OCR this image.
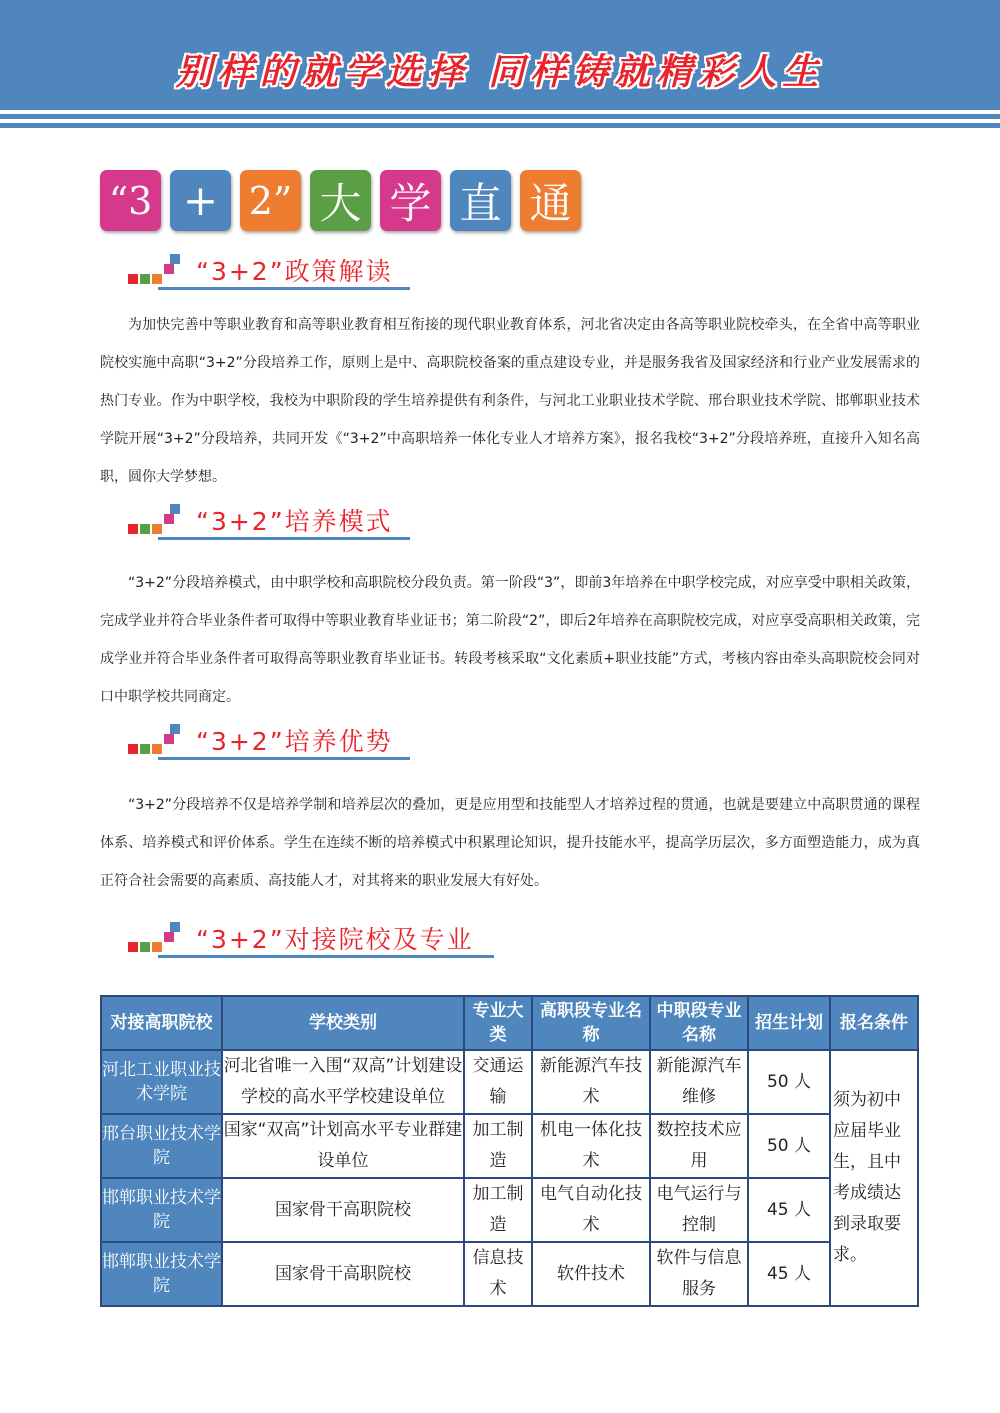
别样的就学选择 同样铸就精彩人生
“3 + 2” 大 学 直 通
“3+2”政策解读

为加快完善中等职业教育和高等职业教育相互衔接的现代职业教育体系，河北省决定由各高等职业院校牵头，在全省中高等职业院校实施中高职“3+2”分段培养工作，原则上是中、高职院校备案的重点建设专业，并是服务我省及国家经济和行业产业发展需求的热门专业。作为中职学校，我校为中职阶段的学生培养提供有利条件，与河北工业职业技术学院、邢台职业技术学院、邯郸职业技术学院开展“3+2”分段培养，共同开发《“3+2”中高职培养一体化专业人才培养方案》，报名我校“3+2”分段培养班，直接升入知名高职，圆你大学梦想。

“3+2”培养模式

“3+2”分段培养模式，由中职学校和高职院校分段负责。第一阶段“3”，即前3年培养在中职学校完成，对应享受中职相关政策，完成学业并符合毕业条件者可取得中等职业教育毕业证书；第二阶段“2”，即后2年培养在高职院校完成，对应享受高职相关政策，完成学业并符合毕业条件者可取得高等职业教育毕业证书。转段考核采取“文化素质+职业技能”方式，考核内容由牵头高职院校会同对口中职学校共同商定。

“3+2”培养优势

“3+2”分段培养不仅是培养学制和培养层次的叠加，更是应用型和技能型人才培养过程的贯通，也就是要建立中高职贯通的课程体系、培养模式和评价体系。学生在连续不断的培养模式中积累理论知识，提升技能水平，提高学历层次，多方面塑造能力，成为真正符合社会需要的高素质、高技能人才，对其将来的职业发展大有好处。

“3+2”对接院校及专业
对接高职院校	学校类别	专业大类	高职段专业名称	中职段专业名称	招生计划	报名条件
河北工业职业技术学院	河北省唯一入围“双高”计划建设学校的高水平学校建设单位	交通运输	新能源汽车技术	新能源汽车维修	50 人	须为初中应届毕业生，且中考成绩达到录取要求。
邢台职业技术学院	国家“双高”计划高水平专业群建设单位	加工制造	机电一体化技术	数控技术应用	50 人	
邯郸职业技术学院	国家骨干高职院校	加工制造	电气自动化技术	电气运行与控制	45 人	
邯郸职业技术学院	国家骨干高职院校	信息技术	软件技术	软件与信息服务	45 人	
